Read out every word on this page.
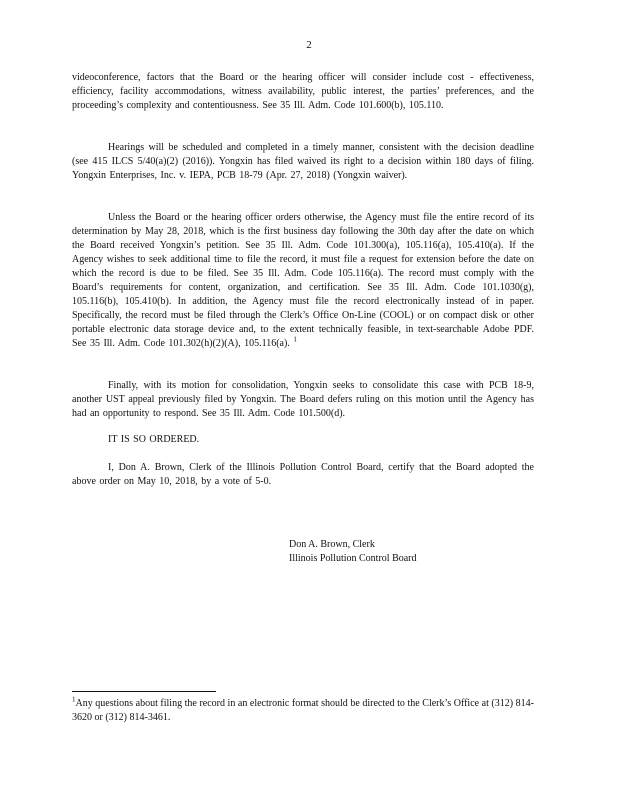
2

videoconference, factors that the Board or the hearing officer will consider include cost - effectiveness, efficiency, facility accommodations, witness availability, public interest, the parties’ preferences, and the proceeding’s complexity and contentiousness. See 35 Ill. Adm. Code 101.600(b), 105.110.

Hearings will be scheduled and completed in a timely manner, consistent with the decision deadline (see 415 ILCS 5/40(a)(2) (2016)). Yongxin has filed waived its right to a decision within 180 days of filing. Yongxin Enterprises, Inc. v. IEPA, PCB 18-79 (Apr. 27, 2018) (Yongxin waiver).

Unless the Board or the hearing officer orders otherwise, the Agency must file the entire record of its determination by May 28, 2018, which is the first business day following the 30th day after the date on which the Board received Yongxin’s petition. See 35 Ill. Adm. Code 101.300(a), 105.116(a), 105.410(a). If the Agency wishes to seek additional time to file the record, it must file a request for extension before the date on which the record is due to be filed. See 35 Ill. Adm. Code 105.116(a). The record must comply with the Board’s requirements for content, organization, and certification. See 35 Ill. Adm. Code 101.1030(g), 105.116(b), 105.410(b). In addition, the Agency must file the record electronically instead of in paper. Specifically, the record must be filed through the Clerk’s Office On-Line (COOL) or on compact disk or other portable electronic data storage device and, to the extent technically feasible, in text-searchable Adobe PDF. See 35 Ill. Adm. Code 101.302(h)(2)(A), 105.116(a). $^1$

Finally, with its motion for consolidation, Yongxin seeks to consolidate this case with PCB 18-9, another UST appeal previously filed by Yongxin. The Board defers ruling on this motion until the Agency has had an opportunity to respond. See 35 Ill. Adm. Code 101.500(d).

IT IS SO ORDERED.

I, Don A. Brown, Clerk of the Illinois Pollution Control Board, certify that the Board adopted the above order on May 10, 2018, by a vote of 5-0.

Don A. Brown, Clerk
Illinois Pollution Control Board

$^1$Any questions about filing the record in an electronic format should be directed to the Clerk’s Office at (312) 814-3620 or (312) 814-3461.
